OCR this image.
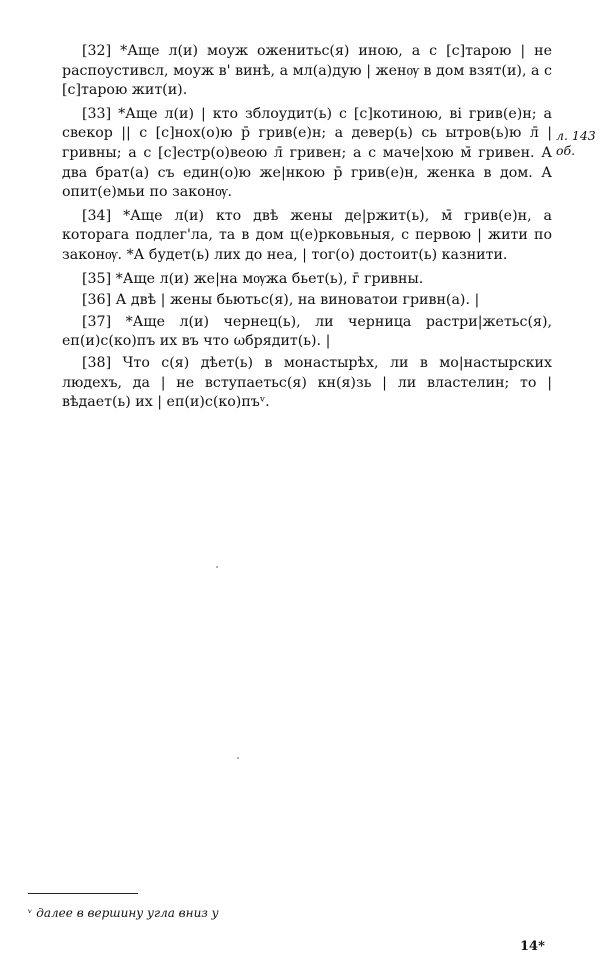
[32] *Аще л(и) моуж оженитьс(я) иною, а с [с]тарою | не распоустивсл, моуж в' винѣ, а мл(а)дую | женѹ в дом взят(и), а с [с]тарою жит(и).

[33] *Аще л(и) | кто зблоудит(ь) с [с]котиною, ві грив(е)н; а свекор || с [с]нох(о)ю р̄ грив(е)н; а девер(ь) сь ытров(ь)ю л̄ | гривны; а с [с]естр(о)веою л̄ гривен; а с маче|хою м̄ гривен. А два брат(а) съ един(о)ю же|нкою р̄ грив(е)н, женка в дом. А опит(е)мьи по законѹ.

[34] *Аще л(и) кто двѣ жены де|ржит(ь), м̄ грив(е)н, а которага подлег'ла, та в дом ц(е)рковьныя, с первою | жити по законѹ. *А будет(ь) лих до неа, | тог(о) достоит(ь) казнити.

[35] *Аще л(и) же|на мѹжа бьет(ь), г̄ гривны.

[36] А двѣ | жены бьютьс(я), на виноватои гривн(а). |

[37] *Аще л(и) чернец(ь), ли черница растри|жетьс(я), еп(и)с(ко)пъ их въ что ωбрядит(ь). |

[38] Что с(я) дѣет(ь) в монастырѣх, ли в мо|настырских людехъ, да | не вступаетьс(я) кн(я)зь | ли властелин; то | вѣдает(ь) их | еп(и)с(ко)пъᵛ.

л. 143
об.
ᵛ далее в вершину угла вниз у
14*
